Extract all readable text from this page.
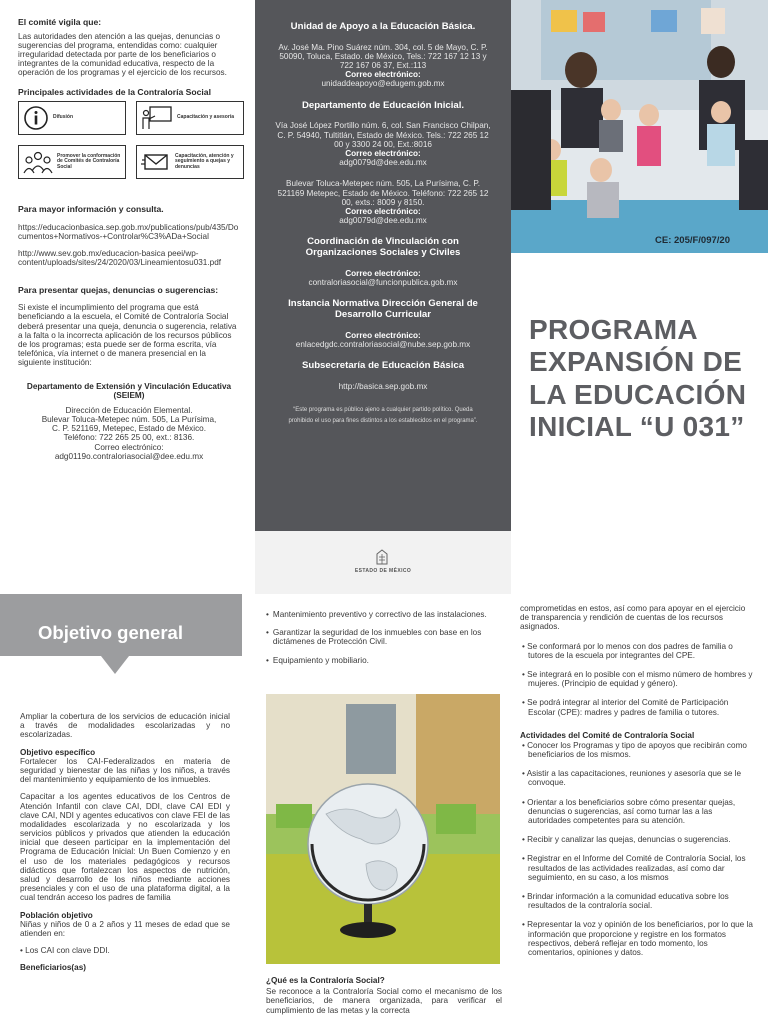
El comité vigila que:

Las autoridades den atención a las quejas, denuncias o sugerencias del programa, entendidas como: cualquier irregularidad detectada por parte de los beneficiarios o integrantes de la comunidad educativa, respecto de la operación de los programas y el ejercicio de los recursos.

Principales actividades de la Contraloría Social
Difusión	Capacitación y asesoría
Promover la conformación de Comités de Contraloría Social
Capacitación, atención y seguimiento a quejas y denuncias
Para mayor información y consulta.

https://educacionbasica.sep.gob.mx/publications/pub/435/Documentos+Normativos-+Controlar%C3%ADa+Social

http://www.sev.gob.mx/educacion-basica peei/wp-content/uploads/sites/24/2020/03/Lineamientosu031.pdf

Para presentar quejas, denuncias o sugerencias:

Si existe el incumplimiento del programa que está beneficiando a la escuela, el Comité de Contraloría Social deberá presentar una queja, denuncia o sugerencia, relativa a la falta o la incorrecta aplicación de los recursos públicos de los programas; esta puede ser de forma escrita, vía telefónica, vía internet o de manera presencial en la siguiente institución:

Departamento de Extensión y Vinculación Educativa (SEIEM)
Dirección de Educación Elemental.
Bulevar Toluca-Metepec núm. 505, La Purísima,
C. P. 521169, Metepec, Estado de México.
Teléfono: 722 265 25 00, ext.: 8136.
Correo electrónico:
adg0119o.contraloriasocial@dee.edu.mx
Unidad de Apoyo a la Educación Básica.
Av. José Ma. Pino Suárez núm. 304, col. 5 de Mayo, C. P. 50090, Toluca, Estado. de México, Tels.: 722 167 12 13 y 722 167 06 37, Ext.:113
Correo electrónico:
unidaddeapoyo@edugem.gob.mx
Departamento de Educación Inicial.
Vía José López Portillo núm. 6, col. San Francisco Chilpan, C. P. 54940, Tultitlán, Estado de México. Tels.: 722 265 12 00 y 3300 24 00, Ext.:8016
Correo electrónico:
adg0079d@dee.edu.mx
Bulevar Toluca-Metepec núm. 505, La Purísima, C. P. 521169 Metepec, Estado de México. Teléfono: 722 265 12 00, exts.: 8009 y 8150.
Correo electrónico:
adg0079d@dee.edu.mx
Coordinación de Vinculación con Organizaciones Sociales y Civiles
Correo electrónico:
contraloriasocial@funcionpublica.gob.mx
Instancia Normativa Dirección General de Desarrollo Curricular
Correo electrónico:
enlacedgdc.contraloriasocial@nube.sep.gob.mx
Subsecretaría de Educación Básica
http://basica.sep.gob.mx
“Este programa es público ajeno a cualquier partido político. Queda prohibido el uso para fines distintos a los establecidos en el programa”.
ESTADO DE MÉXICO
CE: 205/F/097/20
PROGRAMA EXPANSIÓN DE LA EDUCACIÓN INICIAL “U 031”
Objetivo general

Ampliar la cobertura de los servicios de educación inicial a través de modalidades escolarizadas y no escolarizadas.

Objetivo específico

Fortalecer los CAI-Federalizados en materia de seguridad y bienestar de las niñas y los niños, a través del mantenimiento y equipamiento de los inmuebles.

Capacitar a los agentes educativos de los Centros de Atención Infantil con clave CAI, DDI, clave CAI EDI y clave CAI, NDI y agentes educativos con clave FEI de las modalidades escolarizada y no escolarizada y los servicios públicos y privados que atienden la educación inicial que deseen participar en la implementación del Programa de Educación Inicial: Un Buen Comienzo y en el uso de los materiales pedagógicos y recursos didácticos que fortalezcan los aspectos de nutrición, salud y desarrollo de los niños mediante acciones presenciales y con el uso de una plataforma digital, a la cual tendrán acceso los padres de familia

Población objetivo

Niñas y niños de 0 a 2 años y 11 meses de edad que se atienden en:

• Los CAI con clave DDI.

Beneficiarios(as)
• Mantenimiento preventivo y correctivo de las instalaciones.
• Garantizar la seguridad de los inmuebles con base en los dictámenes de Protección Civil.
• Equipamiento y mobiliario.
¿Qué es la Contraloría Social?
Se reconoce a la Contraloría Social como el mecanismo de los beneficiarios, de manera organizada, para verificar el cumplimiento de las metas y la correcta

comprometidas en estos, así como para apoyar en el ejercicio de transparencia y rendición de cuentas de los recursos asignados.

• Se conformará por lo menos con dos padres de familia o tutores de la escuela por integrantes del CPE.

• Se integrará en lo posible con el mismo número de hombres y mujeres. (Principio de equidad y género).

• Se podrá integrar al interior del Comité de Participación Escolar (CPE): madres y padres de familia o tutores.

Actividades del Comité de Contraloría Social

• Conocer los Programas y tipo de apoyos que recibirán como beneficiarios de los mismos.

• Asistir a las capacitaciones, reuniones y asesoría que se le convoque.

• Orientar a los beneficiarios sobre cómo presentar quejas, denuncias o sugerencias, así como turnar las a las autoridades competentes para su atención.

• Recibir y canalizar las quejas, denuncias o sugerencias.

• Registrar en el Informe del Comité de Contraloría Social, los resultados de las actividades realizadas, así como dar seguimiento, en su caso, a los mismos

• Brindar información a la comunidad educativa sobre los resultados de la contraloría social.

• Representar la voz y opinión de los beneficiarios, por lo que la información que proporcione y registre en los formatos respectivos, deberá reflejar en todo momento, los comentarios, opiniones y datos.
